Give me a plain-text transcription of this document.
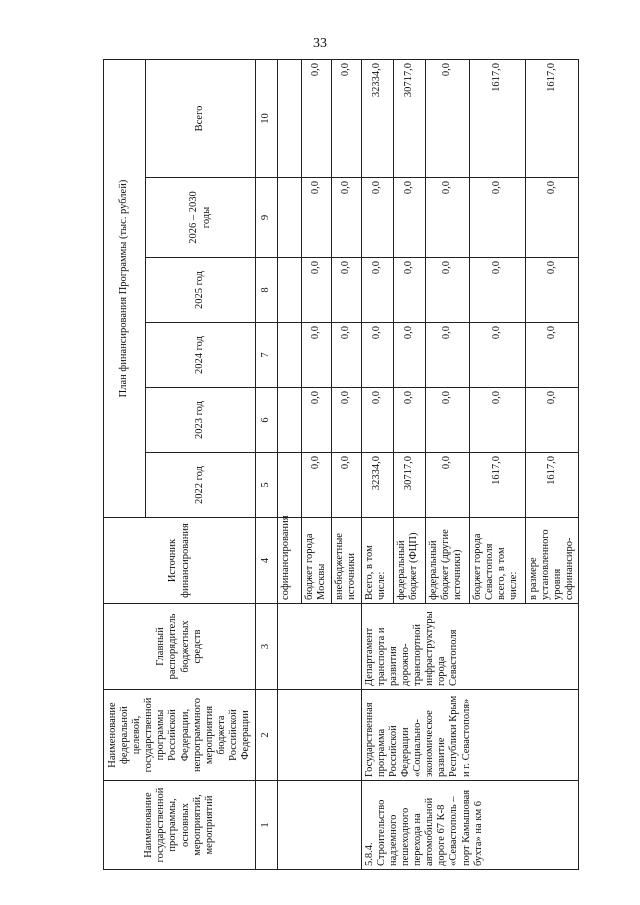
33
Наименование государственной программы, основных мероприятий, мероприятий	Наименование федеральной целевой, государственной программы Российской Федерации, непрограммного мероприятия бюджета Российской Федерации	Главный распорядитель бюджетных средств	Источник финансирования	План финансирования Программы (тыс. рублей)					
				2022 год	2023 год	2024 год	2025 год	2026 – 2030 годы	Всего
1	2	3	4	5	6	7	8	9	10
			софинансирования						
			бюджет города Москвы	0,0	0,0	0,0	0,0	0,0	0,0
			внебюджетные источники	0,0	0,0	0,0	0,0	0,0	0,0
5.8.4. Строительство надземного пешеходного перехода на автомобильной дороге 67 К-8 «Севастополь – порт Камышовая бухта» на км 6	Государственная программа Российской Федерации «Социально-экономическое развитие Республики Крым и г. Севастополя»	Департамент транспорта и развития дорожно-транспортной инфраструктуры города Севастополя	Всего, в том числе:	32334,0	0,0	0,0	0,0	0,0	32334,0
			федеральный бюджет (ФЦП)	30717,0	0,0	0,0	0,0	0,0	30717,0
			федеральный бюджет (другие источники)	0,0	0,0	0,0	0,0	0,0	0,0
			бюджет города Севастополя всего, в том числе:	1617,0	0,0	0,0	0,0	0,0	1617,0
			в размере установленного уровня софинансиро-	1617,0	0,0	0,0	0,0	0,0	1617,0
